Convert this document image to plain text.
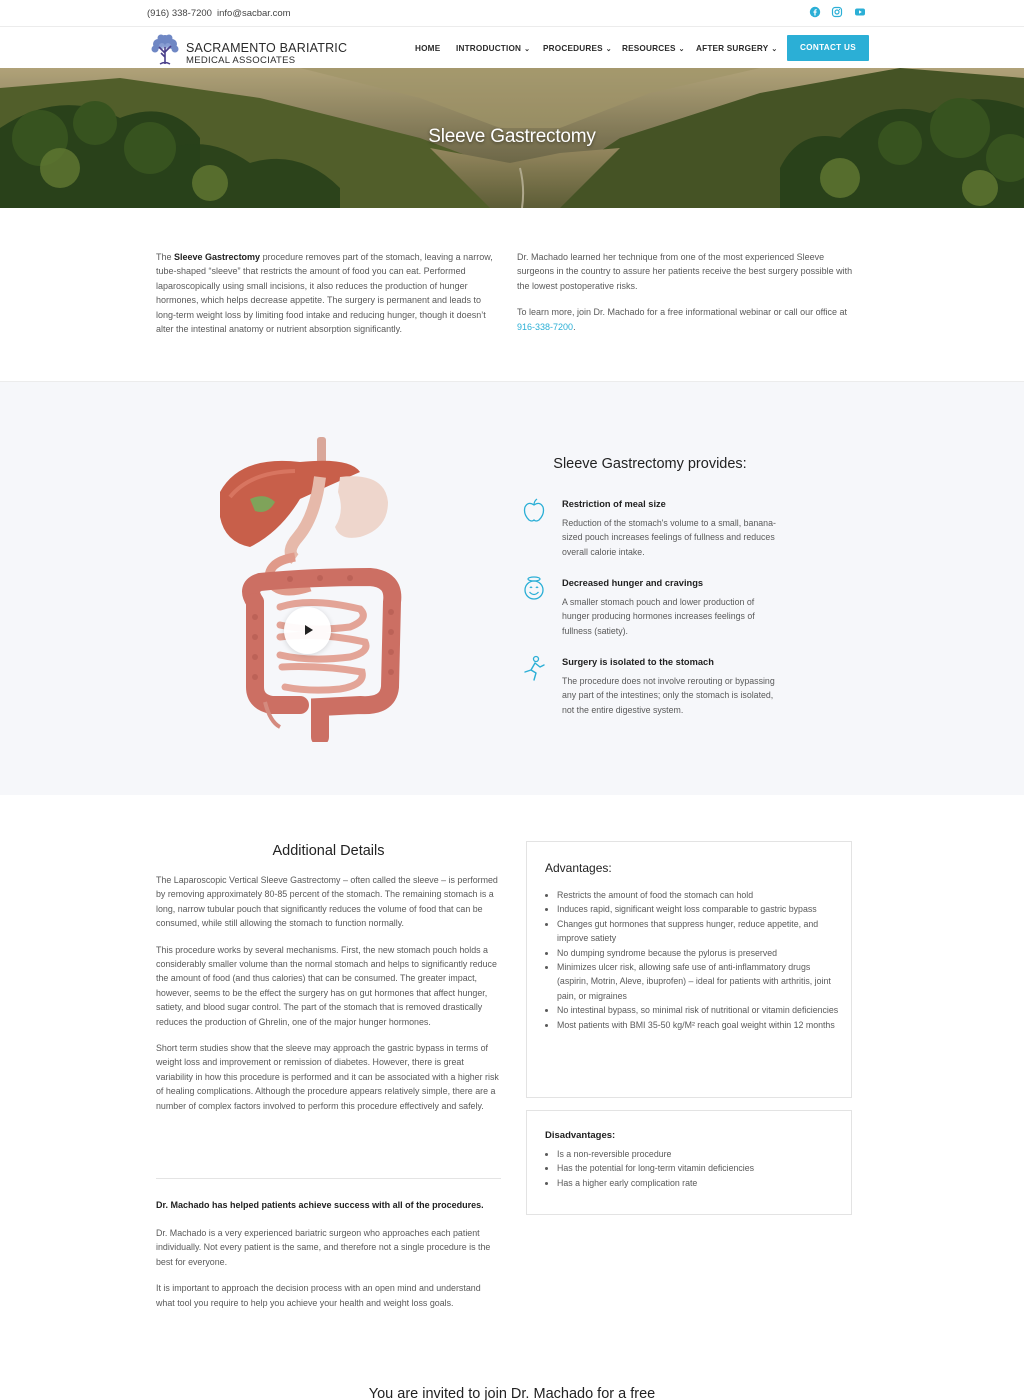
(916) 338-7200 info@sacbar.com
SACRAMENTO BARIATRIC
MEDICAL ASSOCIATES
HOME INTRODUCTION ⌄ PROCEDURES ⌄ RESOURCES ⌄ AFTER SURGERY ⌄	CONTACT US
Sleeve Gastrectomy
The Sleeve Gastrectomy procedure removes part of the stomach, leaving a narrow, tube-shaped “sleeve” that restricts the amount of food you can eat. Performed laparoscopically using small incisions, it also reduces the production of hunger hormones, which helps decrease appetite. The surgery is permanent and leads to long-term weight loss by limiting food intake and reducing hunger, though it doesn’t alter the intestinal anatomy or nutrient absorption significantly.

Dr. Machado learned her technique from one of the most experienced Sleeve surgeons in the country to assure her patients receive the best surgery possible with the lowest postoperative risks.

To learn more, join Dr. Machado for a free informational webinar or call our office at 916-338-7200.

Sleeve Gastrectomy provides:
Restriction of meal size
Reduction of the stomach's volume to a small, banana-sized pouch increases feelings of fullness and reduces overall calorie intake.
Decreased hunger and cravings
A smaller stomach pouch and lower production of hunger producing hormones increases feelings of fullness (satiety).
Surgery is isolated to the stomach
The procedure does not involve rerouting or bypassing any part of the intestines; only the stomach is isolated, not the entire digestive system.
Additional Details

The Laparoscopic Vertical Sleeve Gastrectomy – often called the sleeve – is performed by removing approximately 80-85 percent of the stomach. The remaining stomach is a long, narrow tubular pouch that significantly reduces the volume of food that can be consumed, while still allowing the stomach to function normally.

This procedure works by several mechanisms. First, the new stomach pouch holds a considerably smaller volume than the normal stomach and helps to significantly reduce the amount of food (and thus calories) that can be consumed. The greater impact, however, seems to be the effect the surgery has on gut hormones that affect hunger, satiety, and blood sugar control. The part of the stomach that is removed drastically reduces the production of Ghrelin, one of the major hunger hormones.

Short term studies show that the sleeve may approach the gastric bypass in terms of weight loss and improvement or remission of diabetes. However, there is great variability in how this procedure is performed and it can be associated with a higher risk of healing complications. Although the procedure appears relatively simple, there are a number of complex factors involved to perform this procedure effectively and safely.

Dr. Machado has helped patients achieve success with all of the procedures.

Dr. Machado is a very experienced bariatric surgeon who approaches each patient individually. Not every patient is the same, and therefore not a single procedure is the best for everyone.

It is important to approach the decision process with an open mind and understand what tool you require to help you achieve your health and weight loss goals.

Advantages:
• Restricts the amount of food the stomach can hold
• Induces rapid, significant weight loss comparable to gastric bypass
• Changes gut hormones that suppress hunger, reduce appetite, and improve satiety
• No dumping syndrome because the pylorus is preserved
• Minimizes ulcer risk, allowing safe use of anti-inflammatory drugs (aspirin, Motrin, Aleve, ibuprofen) – ideal for patients with arthritis, joint pain, or migraines
• No intestinal bypass, so minimal risk of nutritional or vitamin deficiencies
• Most patients with BMI 35-50 kg/M² reach goal weight within 12 months
Disadvantages:
• Is a non-reversible procedure
• Has the potential for long-term vitamin deficiencies
• Has a higher early complication rate
You are invited to join Dr. Machado for a free
